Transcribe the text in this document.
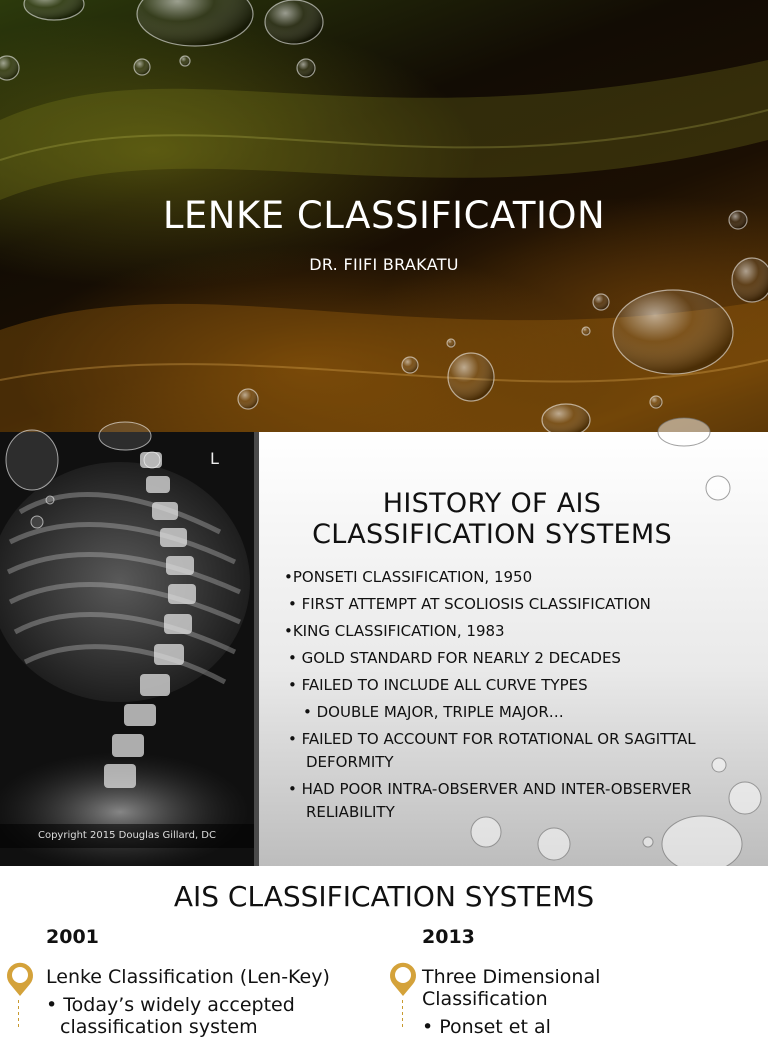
LENKE CLASSIFICATION
DR. FIIFI BRAKATU
L
Copyright 2015 Douglas Gillard, DC
HISTORY OF AIS
CLASSIFICATION SYSTEMS
•PONSETI CLASSIFICATION, 1950
• FIRST ATTEMPT AT SCOLIOSIS CLASSIFICATION
•KING CLASSIFICATION, 1983
• GOLD STANDARD FOR NEARLY 2 DECADES
• FAILED TO INCLUDE ALL CURVE TYPES
• DOUBLE MAJOR, TRIPLE MAJOR…
• FAILED TO ACCOUNT FOR ROTATIONAL OR SAGITTAL DEFORMITY
• HAD POOR INTRA-OBSERVER AND INTER-OBSERVER RELIABILITY
AIS CLASSIFICATION SYSTEMS
2001	2013
Lenke Classification (Len-Key)
• Today’s widely accepted classification system
Three Dimensional
Classification
• Ponset et al
